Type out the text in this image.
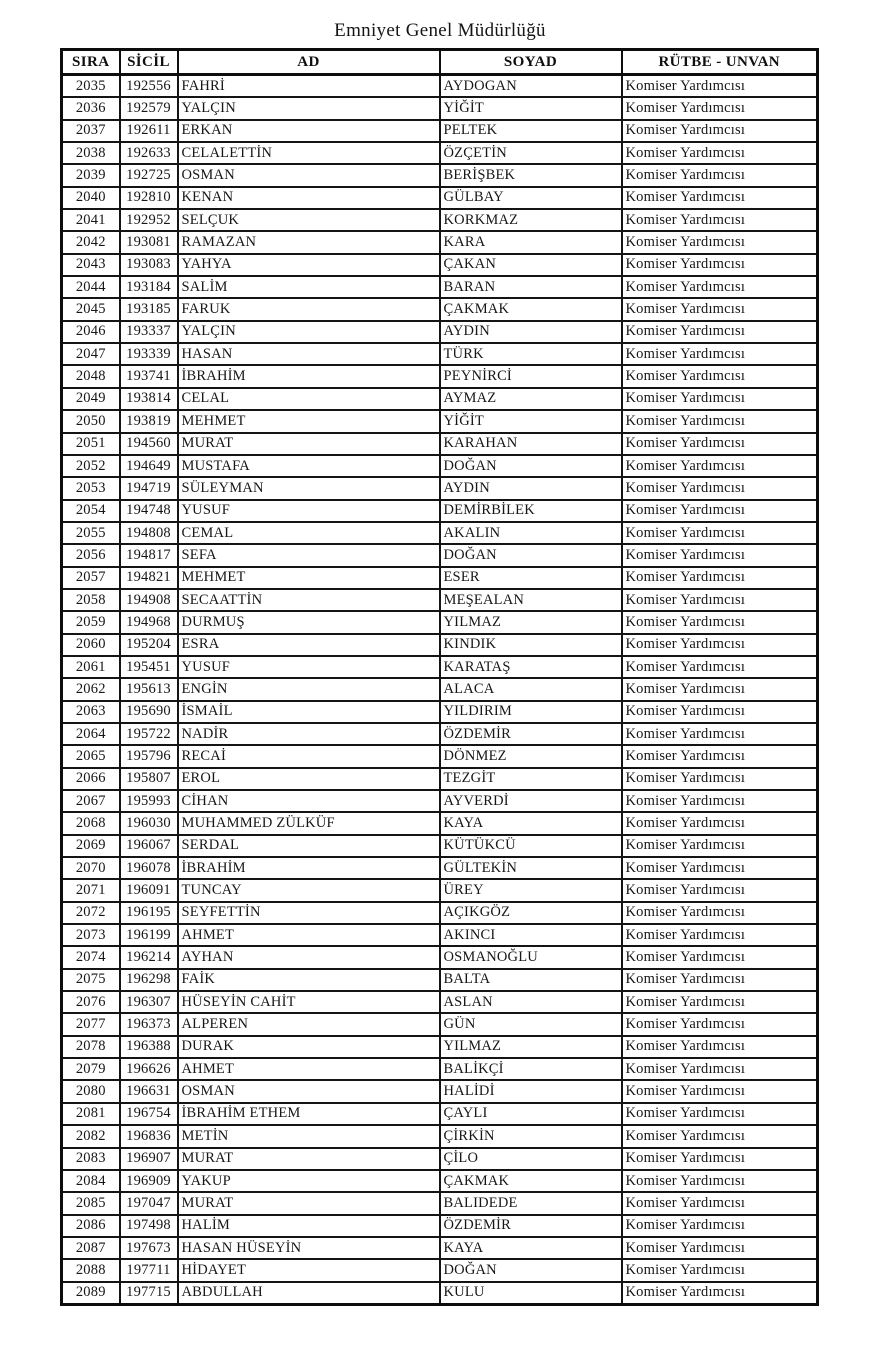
Emniyet Genel Müdürlüğü
SIRA	SİCİL	AD	SOYAD	RÜTBE - UNVAN
2035	192556	FAHRİ	AYDOGAN	Komiser Yardımcısı
2036	192579	YALÇIN	YİĞİT	Komiser Yardımcısı
2037	192611	ERKAN	PELTEK	Komiser Yardımcısı
2038	192633	CELALETTİN	ÖZÇETİN	Komiser Yardımcısı
2039	192725	OSMAN	BERİŞBEK	Komiser Yardımcısı
2040	192810	KENAN	GÜLBAY	Komiser Yardımcısı
2041	192952	SELÇUK	KORKMAZ	Komiser Yardımcısı
2042	193081	RAMAZAN	KARA	Komiser Yardımcısı
2043	193083	YAHYA	ÇAKAN	Komiser Yardımcısı
2044	193184	SALİM	BARAN	Komiser Yardımcısı
2045	193185	FARUK	ÇAKMAK	Komiser Yardımcısı
2046	193337	YALÇIN	AYDIN	Komiser Yardımcısı
2047	193339	HASAN	TÜRK	Komiser Yardımcısı
2048	193741	İBRAHİM	PEYNİRCİ	Komiser Yardımcısı
2049	193814	CELAL	AYMAZ	Komiser Yardımcısı
2050	193819	MEHMET	YİĞİT	Komiser Yardımcısı
2051	194560	MURAT	KARAHAN	Komiser Yardımcısı
2052	194649	MUSTAFA	DOĞAN	Komiser Yardımcısı
2053	194719	SÜLEYMAN	AYDIN	Komiser Yardımcısı
2054	194748	YUSUF	DEMİRBİLEK	Komiser Yardımcısı
2055	194808	CEMAL	AKALIN	Komiser Yardımcısı
2056	194817	SEFA	DOĞAN	Komiser Yardımcısı
2057	194821	MEHMET	ESER	Komiser Yardımcısı
2058	194908	SECAATTİN	MEŞEALAN	Komiser Yardımcısı
2059	194968	DURMUŞ	YILMAZ	Komiser Yardımcısı
2060	195204	ESRA	KINDIK	Komiser Yardımcısı
2061	195451	YUSUF	KARATAŞ	Komiser Yardımcısı
2062	195613	ENGİN	ALACA	Komiser Yardımcısı
2063	195690	İSMAİL	YILDIRIM	Komiser Yardımcısı
2064	195722	NADİR	ÖZDEMİR	Komiser Yardımcısı
2065	195796	RECAİ	DÖNMEZ	Komiser Yardımcısı
2066	195807	EROL	TEZGİT	Komiser Yardımcısı
2067	195993	CİHAN	AYVERDİ	Komiser Yardımcısı
2068	196030	MUHAMMED ZÜLKÜF	KAYA	Komiser Yardımcısı
2069	196067	SERDAL	KÜTÜKCÜ	Komiser Yardımcısı
2070	196078	İBRAHİM	GÜLTEKİN	Komiser Yardımcısı
2071	196091	TUNCAY	ÜREY	Komiser Yardımcısı
2072	196195	SEYFETTİN	AÇIKGÖZ	Komiser Yardımcısı
2073	196199	AHMET	AKINCI	Komiser Yardımcısı
2074	196214	AYHAN	OSMANOĞLU	Komiser Yardımcısı
2075	196298	FAİK	BALTA	Komiser Yardımcısı
2076	196307	HÜSEYİN CAHİT	ASLAN	Komiser Yardımcısı
2077	196373	ALPEREN	GÜN	Komiser Yardımcısı
2078	196388	DURAK	YILMAZ	Komiser Yardımcısı
2079	196626	AHMET	BALİKÇİ	Komiser Yardımcısı
2080	196631	OSMAN	HALİDİ	Komiser Yardımcısı
2081	196754	İBRAHİM ETHEM	ÇAYLI	Komiser Yardımcısı
2082	196836	METİN	ÇİRKİN	Komiser Yardımcısı
2083	196907	MURAT	ÇİLO	Komiser Yardımcısı
2084	196909	YAKUP	ÇAKMAK	Komiser Yardımcısı
2085	197047	MURAT	BALIDEDE	Komiser Yardımcısı
2086	197498	HALİM	ÖZDEMİR	Komiser Yardımcısı
2087	197673	HASAN HÜSEYİN	KAYA	Komiser Yardımcısı
2088	197711	HİDAYET	DOĞAN	Komiser Yardımcısı
2089	197715	ABDULLAH	KULU	Komiser Yardımcısı
